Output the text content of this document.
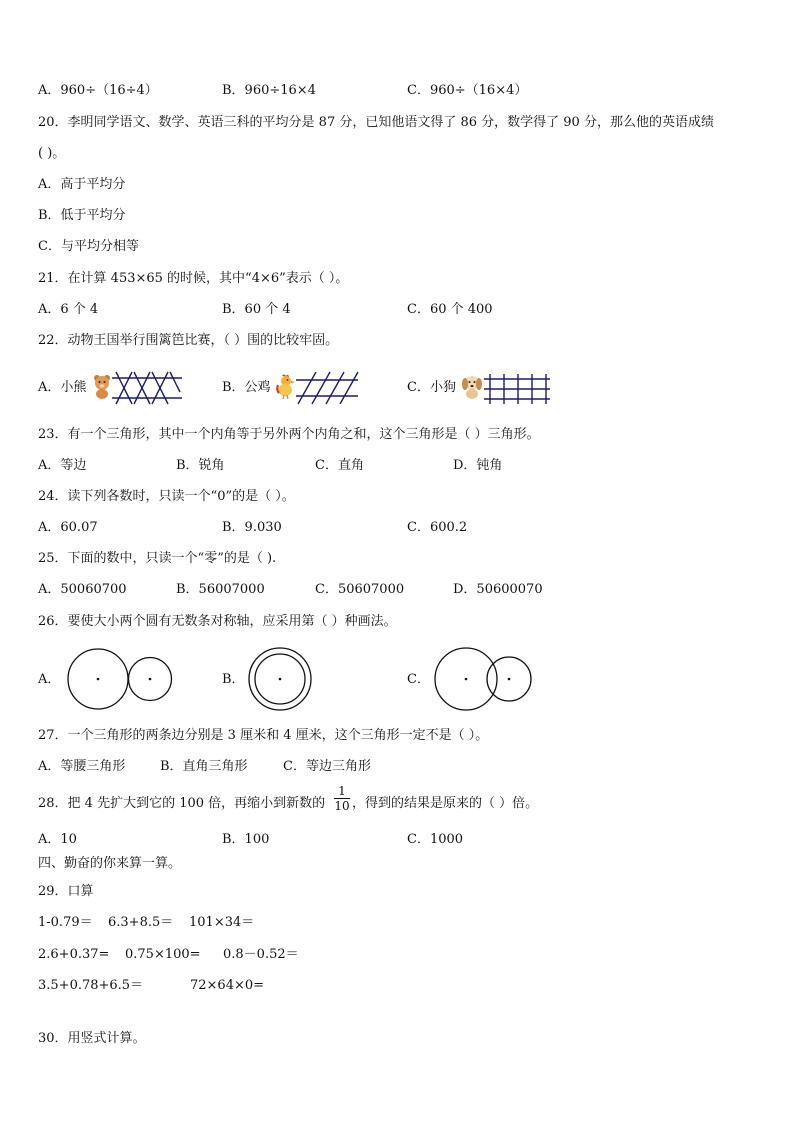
A．960÷（16÷4）	B．960÷16×4	C．960÷（16×4）
20．李明同学语文、数学、英语三科的平均分是 87 分，已知他语文得了 86 分，数学得了 90 分，那么他的英语成绩
( )。
A．高于平均分
B．低于平均分
C．与平均分相等
21．在计算 453×65 的时候，其中“4×6”表示（ ）。
A．6 个 4	B．60 个 4	C．60 个 400
22．动物王国举行围篱笆比赛，（ ）围的比较牢固。
A．小熊	B．公鸡	C．小狗
23．有一个三角形，其中一个内角等于另外两个内角之和，这个三角形是（ ）三角形。
A．等边	B．锐角	C．直角	D．钝角
24．读下列各数时，只读一个“0”的是（ ）。
A．60.07	B．9.030	C．600.2
25．下面的数中，只读一个“零”的是（ ).
A．50060700	B．56007000	C．50607000	D．50600070
26．要使大小两个圆有无数条对称轴，应采用第（ ）种画法。
A．	B．	C．
27．一个三角形的两条边分别是 3 厘米和 4 厘米，这个三角形一定不是（ ）。
A．等腰三角形	B．直角三角形	C．等边三角形
28．把 4 先扩大到它的 100 倍，再缩小到新数的 $\frac{1}{10}$ ，得到的结果是原来的（ ）倍。
A．10	B．100	C．1000
四、勤奋的你来算一算。
29．口算
1-0.79＝ 6.3+8.5＝ 101×34＝
2.6+0.37= 0.75×100= 0.8－0.52＝
3.5+0.78+6.5＝	72×64×0=
30．用竖式计算。
